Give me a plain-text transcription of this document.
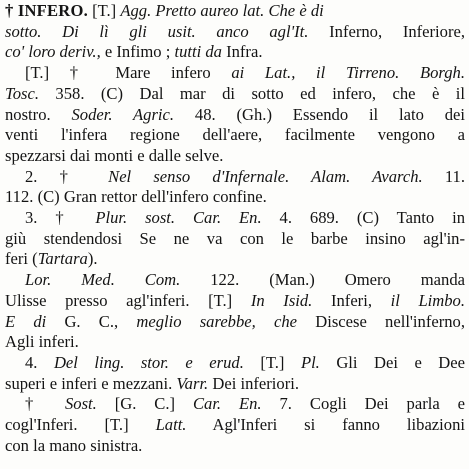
† INFERO. [T.] Agg. Pretto aureo lat. Che è di
sotto. Di lì gli usit. anco agl'It. Inferno, Inferiore,
co' loro deriv., e Infimo ; tutti da Infra.
[T.] † Mare infero ai Lat., il Tirreno. Borgh.
Tosc. 358. (C) Dal mar di sotto ed infero, che è il
nostro. Soder. Agric. 48. (Gh.) Essendo il lato dei
venti l'infera regione dell'aere, facilmente vengono a
spezzarsi dai monti e dalle selve.
2. † Nel senso d'Infernale. Alam. Avarch. 11.
112. (C) Gran rettor dell'infero confine.
3. † Plur. sost. Car. En. 4. 689. (C) Tanto in
giù stendendosi Se ne va con le barbe insino agl'in-
feri (Tartara).
Lor. Med. Com. 122. (Man.) Omero manda
Ulisse presso agl'inferi. [T.] In Isid. Inferi, il Limbo.
E di G. C., meglio sarebbe, che Discese nell'inferno,
Agli inferi.
4. Del ling. stor. e erud. [T.] Pl. Gli Dei e Dee
superi e inferi e mezzani. Varr. Dei inferiori.
† Sost. [G. C.] Car. En. 7. Cogli Dei parla e
cogl'Inferi. [T.] Latt. Agl'Inferi si fanno libazioni
con la mano sinistra.
